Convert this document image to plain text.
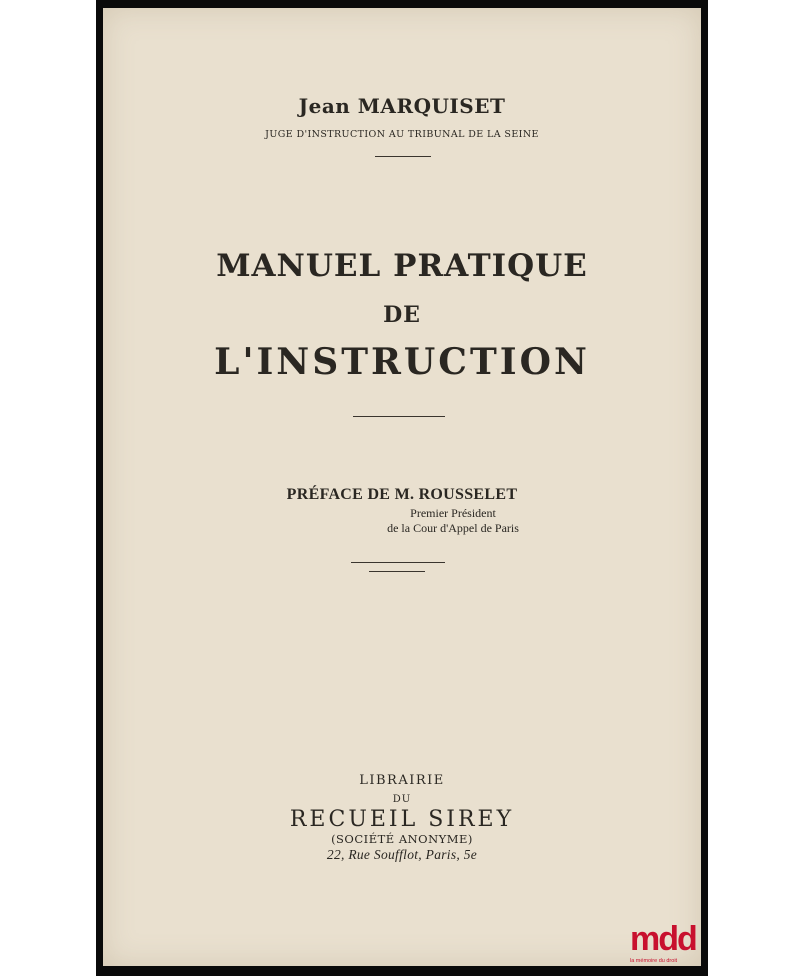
Jean MARQUISET
JUGE D'INSTRUCTION AU TRIBUNAL DE LA SEINE
MANUEL PRATIQUE
DE
L'INSTRUCTION
PRÉFACE DE M. ROUSSELET
Premier Président
de la Cour d'Appel de Paris
LIBRAIRIE
DU
RECUEIL SIREY
(SOCIÉTÉ ANONYME)
22, Rue Soufflot, Paris, 5e
mdd
la mémoire du droit
